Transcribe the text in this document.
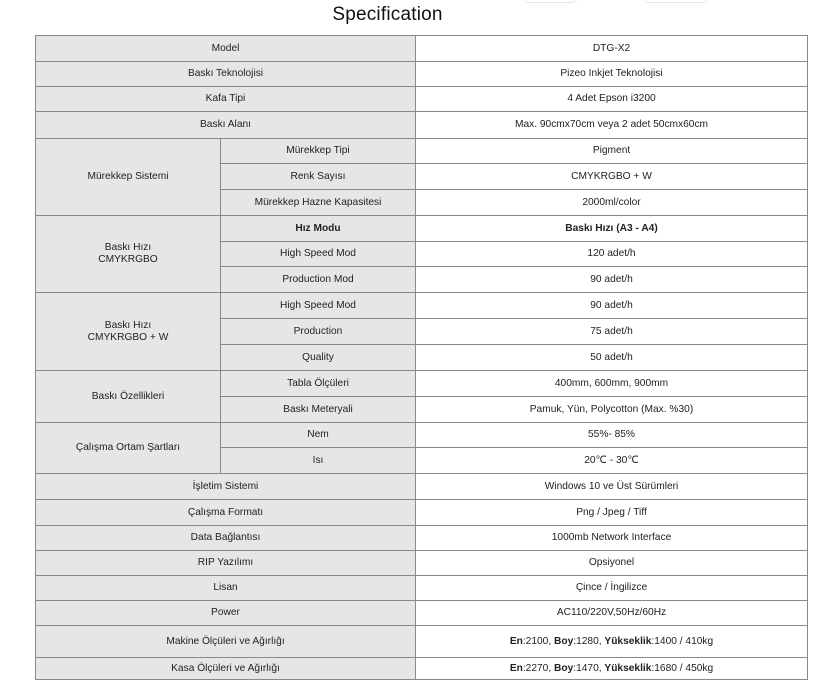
Specification
Model		DTG-X2
Baskı Teknolojisi		Pizeo Inkjet Teknolojisi
Kafa Tipi		4 Adet Epson i3200
Baskı Alanı		Max. 90cmx70cm veya 2 adet 50cmx60cm
Mürekkep Sistemi	Mürekkep Tipi	Pigment
	Renk Sayısı	CMYKRGBO + W
	Mürekkep Hazne Kapasitesi	2000ml/color

Baskı Hızı
CMYKRGBO	Hız Modu	Baskı Hızı (A3 - A4)
	High Speed Mod	120 adet/h
	Production Mod	90 adet/h

Baskı Hızı
CMYKRGBO + W	High Speed Mod	90 adet/h
	Production	75 adet/h
	Quality	50 adet/h
Baskı Özellikleri	Tabla Ölçüleri	400mm, 600mm, 900mm
	Baskı Meteryali	Pamuk, Yün, Polycotton (Max. %30)
Çalışma Ortam Şartları	Nem	55%- 85%
	Isı	20℃ - 30℃
İşletim Sistemi		Windows 10 ve Üst Sürümleri
Çalışma Formatı		Png / Jpeg / Tiff
Data Bağlantısı		1000mb Network Interface
RIP Yazılımı		Opsiyonel
Lisan		Çince / İngilizce
Power		AC110/220V,50Hz/60Hz
Makine Ölçüleri ve Ağırlığı		En:2100, Boy:1280, Yükseklik:1400 / 410kg
Kasa Ölçüleri ve Ağırlığı		En:2270, Boy:1470, Yükseklik:1680 / 450kg
